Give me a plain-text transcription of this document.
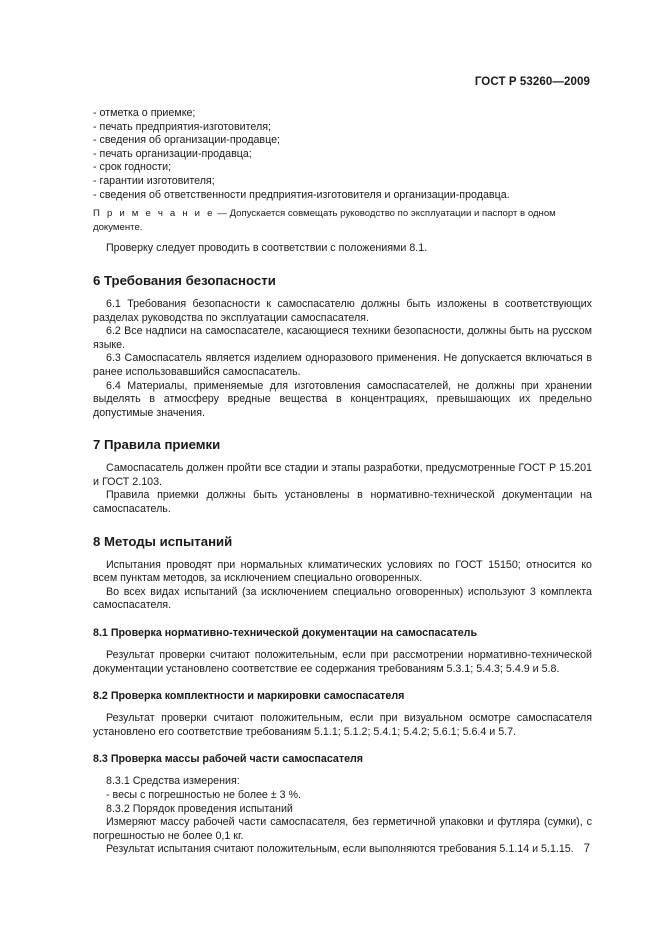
ГОСТ Р 53260—2009
- отметка о приемке;
- печать предприятия-изготовителя;
- сведения об организации-продавце;
- печать организации-продавца;
- срок годности;
- гарантии изготовителя;
- сведения об ответственности предприятия-изготовителя и организации-продавца.

П р и м е ч а н и е — Допускается совмещать руководство по эксплуатации и паспорт в одном документе.

Проверку следует проводить в соответствии с положениями 8.1.

6 Требования безопасности

6.1 Требования безопасности к самоспасателю должны быть изложены в соответствующих разделах руководства по эксплуатации самоспасателя.

6.2 Все надписи на самоспасателе, касающиеся техники безопасности, должны быть на русском языке.

6.3 Самоспасатель является изделием одноразового применения. Не допускается включаться в ранее использовавшийся самоспасатель.

6.4 Материалы, применяемые для изготовления самоспасателей, не должны при хранении выделять в атмосферу вредные вещества в концентрациях, превышающих их предельно допустимые значения.

7 Правила приемки

Самоспасатель должен пройти все стадии и этапы разработки, предусмотренные ГОСТ Р 15.201 и ГОСТ 2.103.

Правила приемки должны быть установлены в нормативно-технической документации на самоспасатель.

8 Методы испытаний

Испытания проводят при нормальных климатических условиях по ГОСТ 15150; относится ко всем пунктам методов, за исключением специально оговоренных.

Во всех видах испытаний (за исключением специально оговоренных) используют 3 комплекта самоспасателя.

8.1 Проверка нормативно-технической документации на самоспасатель

Результат проверки считают положительным, если при рассмотрении нормативно-технической документации установлено соответствие ее содержания требованиям 5.3.1; 5.4.3; 5.4.9 и 5.8.

8.2 Проверка комплектности и маркировки самоспасателя

Результат проверки считают положительным, если при визуальном осмотре самоспасателя установлено его соответствие требованиям 5.1.1; 5.1.2; 5.4.1; 5.4.2; 5.6.1; 5.6.4 и 5.7.

8.3 Проверка массы рабочей части самоспасателя

8.3.1 Средства измерения:

- весы с погрешностью не более ± 3 %.

8.3.2 Порядок проведения испытаний

Измеряют массу рабочей части самоспасателя, без герметичной упаковки и футляра (сумки), с погрешностью не более 0,1 кг.

Результат испытания считают положительным, если выполняются требования 5.1.14 и 5.1.15. 7
